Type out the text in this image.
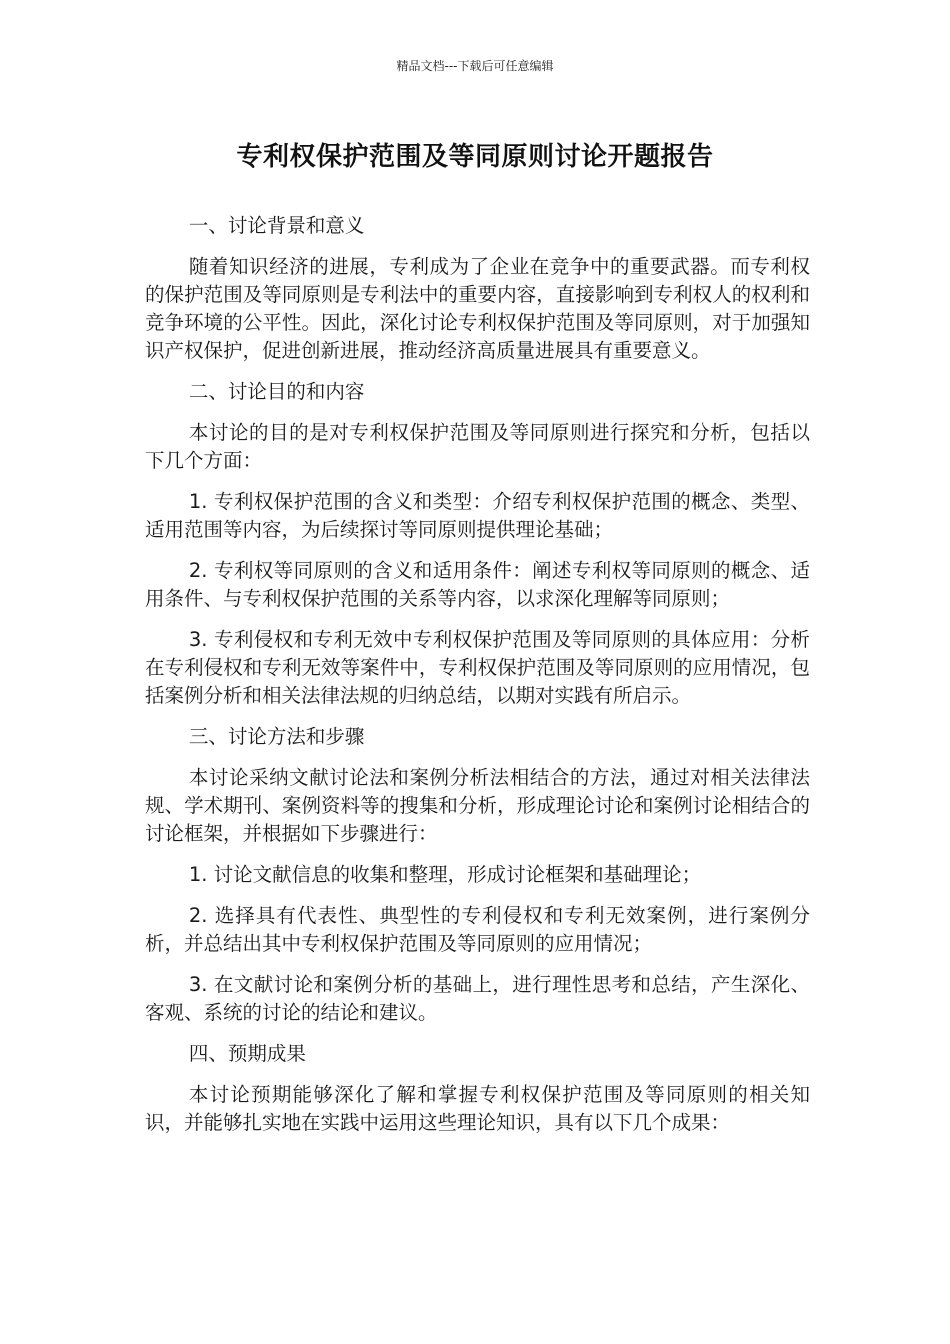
精品文档---下载后可任意编辑
专利权保护范围及等同原则讨论开题报告

一、讨论背景和意义

随着知识经济的进展，专利成为了企业在竞争中的重要武器。而专利权的保护范围及等同原则是专利法中的重要内容，直接影响到专利权人的权利和竞争环境的公平性。因此，深化讨论专利权保护范围及等同原则，对于加强知识产权保护，促进创新进展，推动经济高质量进展具有重要意义。

二、讨论目的和内容

本讨论的目的是对专利权保护范围及等同原则进行探究和分析，包括以下几个方面：

1. 专利权保护范围的含义和类型：介绍专利权保护范围的概念、类型、适用范围等内容，为后续探讨等同原则提供理论基础；

2. 专利权等同原则的含义和适用条件：阐述专利权等同原则的概念、适用条件、与专利权保护范围的关系等内容，以求深化理解等同原则；

3. 专利侵权和专利无效中专利权保护范围及等同原则的具体应用：分析在专利侵权和专利无效等案件中，专利权保护范围及等同原则的应用情况，包括案例分析和相关法律法规的归纳总结，以期对实践有所启示。

三、讨论方法和步骤

本讨论采纳文献讨论法和案例分析法相结合的方法，通过对相关法律法规、学术期刊、案例资料等的搜集和分析，形成理论讨论和案例讨论相结合的讨论框架，并根据如下步骤进行：

1. 讨论文献信息的收集和整理，形成讨论框架和基础理论；

2. 选择具有代表性、典型性的专利侵权和专利无效案例，进行案例分析，并总结出其中专利权保护范围及等同原则的应用情况；

3. 在文献讨论和案例分析的基础上，进行理性思考和总结，产生深化、客观、系统的讨论的结论和建议。

四、预期成果

本讨论预期能够深化了解和掌握专利权保护范围及等同原则的相关知识，并能够扎实地在实践中运用这些理论知识，具有以下几个成果：
